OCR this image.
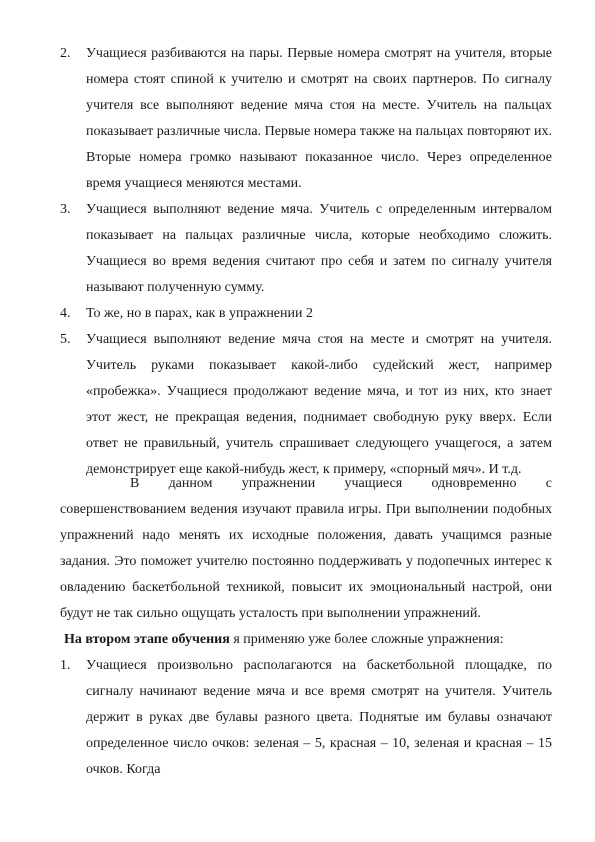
2. Учащиеся разбиваются на пары. Первые номера смотрят на учителя, вторые номера стоят спиной к учителю и смотрят на своих партнеров. По сигналу учителя все выполняют ведение мяча стоя на месте. Учитель на пальцах показывает различные числа. Первые номера также на пальцах повторяют их. Вторые номера громко называют показанное число. Через определенное время учащиеся меняются местами.
3. Учащиеся выполняют ведение мяча. Учитель с определенным интервалом показывает на пальцах различные числа, которые необходимо сложить. Учащиеся во время ведения считают про себя и затем по сигналу учителя называют полученную сумму.
4. То же, но в парах, как в упражнении 2
5. Учащиеся выполняют ведение мяча стоя на месте и смотрят на учителя. Учитель руками показывает какой-либо судейский жест, например «пробежка». Учащиеся продолжают ведение мяча, и тот из них, кто знает этот жест, не прекращая ведения, поднимает свободную руку вверх. Если ответ не правильный, учитель спрашивает следующего учащегося, а затем демонстрирует еще какой-нибудь жест, к примеру, «спорный мяч». И т.д.

В данном упражнении учащиеся одновременно с совершенствованием ведения изучают правила игры. При выполнении подобных упражнений надо менять их исходные положения, давать учащимся разные задания. Это поможет учителю постоянно поддерживать у подопечных интерес к овладению баскетбольной техникой, повысит их эмоциональный настрой, они будут не так сильно ощущать усталость при выполнении упражнений.

На втором этапе обучения я применяю уже более сложные упражнения:

1. Учащиеся произвольно располагаются на баскетбольной площадке, по сигналу начинают ведение мяча и все время смотрят на учителя. Учитель держит в руках две булавы разного цвета. Поднятые им булавы означают определенное число очков: зеленая – 5, красная – 10, зеленая и красная – 15 очков. Когда
